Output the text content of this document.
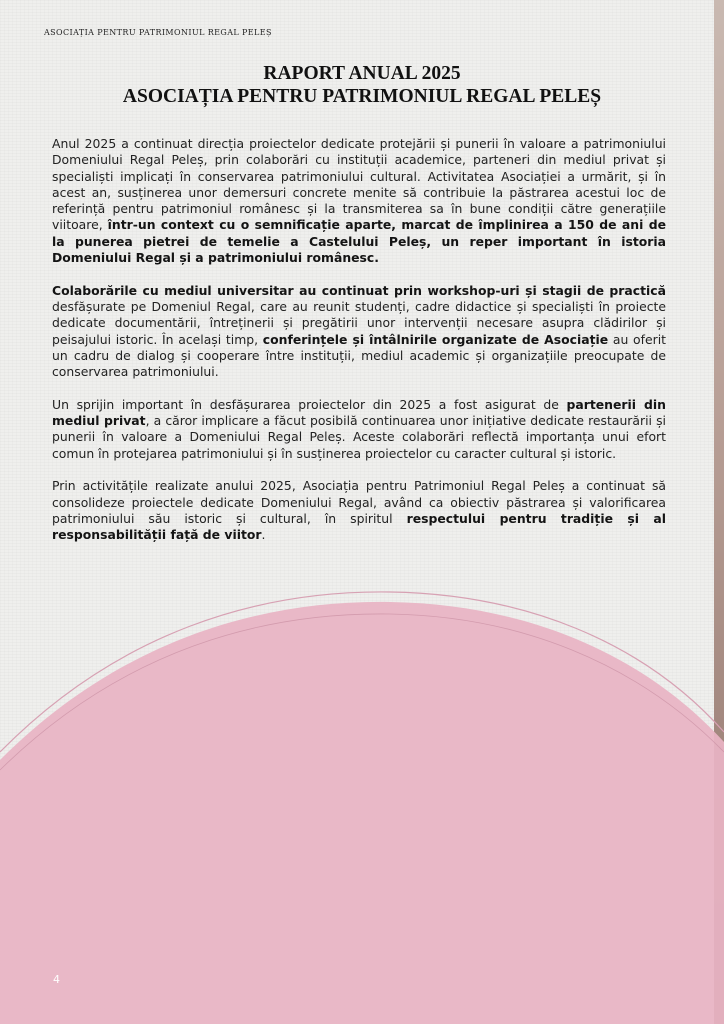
ASOCIAȚIA PENTRU PATRIMONIUL REGAL PELEȘ
RAPORT ANUAL 2025
ASOCIAȚIA PENTRU PATRIMONIUL REGAL PELEȘ

Anul 2025 a continuat direcția proiectelor dedicate protejării și punerii în valoare a patrimoniului Domeniului Regal Peleș, prin colaborări cu instituții academice, parteneri din mediul privat și specialiști implicați în conservarea patrimoniului cultural. Activitatea Asociației a urmărit, și în acest an, susținerea unor demersuri concrete menite să contribuie la păstrarea acestui loc de referință pentru patrimoniul românesc și la transmiterea sa în bune condiții către generațiile viitoare, într-un context cu o semnificație aparte, marcat de împlinirea a 150 de ani de la punerea pietrei de temelie a Castelului Peleș, un reper important în istoria Domeniului Regal și a patrimoniului românesc.

Colaborările cu mediul universitar au continuat prin workshop-uri și stagii de practică desfășurate pe Domeniul Regal, care au reunit studenți, cadre didactice și specialiști în proiecte dedicate documentării, întreținerii și pregătirii unor intervenții necesare asupra clădirilor și peisajului istoric. În același timp, conferințele și întâlnirile organizate de Asociație au oferit un cadru de dialog și cooperare între instituții, mediul academic și organizațiile preocupate de conservarea patrimoniului.

Un sprijin important în desfășurarea proiectelor din 2025 a fost asigurat de partenerii din mediul privat, a căror implicare a făcut posibilă continuarea unor inițiative dedicate restaurării și punerii în valoare a Domeniului Regal Peleș. Aceste colaborări reflectă importanța unui efort comun în protejarea patrimoniului și în susținerea proiectelor cu caracter cultural și istoric.

Prin activitățile realizate anului 2025, Asociația pentru Patrimoniul Regal Peleș a continuat să consolideze proiectele dedicate Domeniului Regal, având ca obiectiv păstrarea și valorificarea patrimoniului său istoric și cultural, în spiritul respectului pentru tradiție și al responsabilității față de viitor.

4
